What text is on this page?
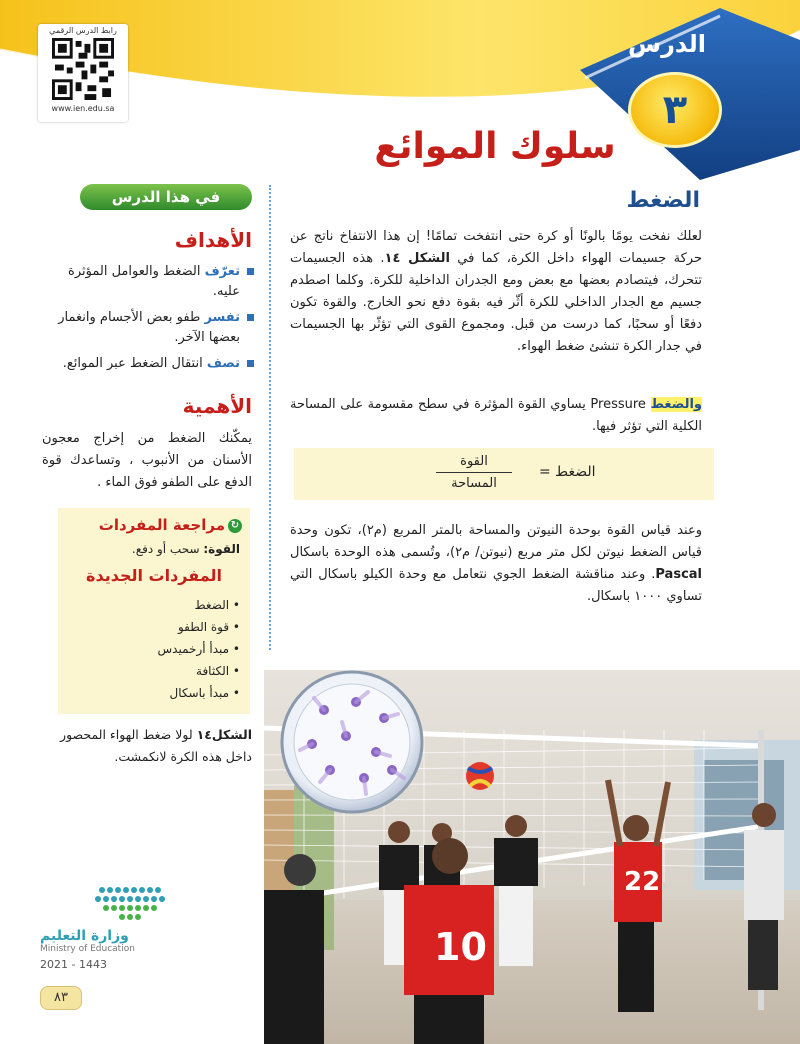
رابط الدرس الرقمي
www.ien.edu.sa
الدرس
٣
سلوك الموائع
الضغط
لعلك نفخت يومًا بالونًا أو كرة حتى انتفخت تمامًا! إن هذا الانتفاخ ناتج عن حركة جسيمات الهواء داخل الكرة، كما في الشكل ١٤. هذه الجسيمات تتحرك، فيتصادم بعضها مع بعض ومع الجدران الداخلية للكرة. وكلما اصطدم جسيم مع الجدار الداخلي للكرة أثّر فيه بقوة دفع نحو الخارج. والقوة تكون دفعًا أو سحبًا، كما درست من قبل. ومجموع القوى التي تؤثّر بها الجسيمات في جدار الكرة تنشئ ضغط الهواء.
والضغط Pressure يساوي القوة المؤثرة في سطح مقسومة على المساحة الكلية التي تؤثر فيها.
الضغط =
القوة
المساحة
وعند قياس القوة بوحدة النيوتن والمساحة بالمتر المربع (م٢)، تكون وحدة قياس الضغط نيوتن لكل متر مربع (نيوتن/ م٢)، وتُسمى هذه الوحدة باسكال Pascal. وعند مناقشة الضغط الجوي نتعامل مع وحدة الكيلو باسكال التي تساوي ١٠٠٠ باسكال.
في هذا الدرس
الأهداف
تعرّف الضغط والعوامل المؤثرة عليه.
تفسر طفو بعض الأجسام وانغمار بعضها الآخر.
تصف انتقال الضغط عبر الموائع.
الأهمية
يمكّنك الضغط من إخراج معجون الأسنان من الأنبوب ، وتساعدك قوة الدفع على الطفو فوق الماء .
↻مراجعة المفردات
القوة: سحب أو دفع.
المفردات الجديدة
• الضغط
• قوة الطفو
• مبدأ أرخميدس
• الكثافة
• مبدأ باسكال
الشكل١٤ لولا ضغط الهواء المحصور داخل هذه الكرة لانكمشت.
وزارة التعليم
Ministry of Education
2021 - 1443
٨٣
10
22
